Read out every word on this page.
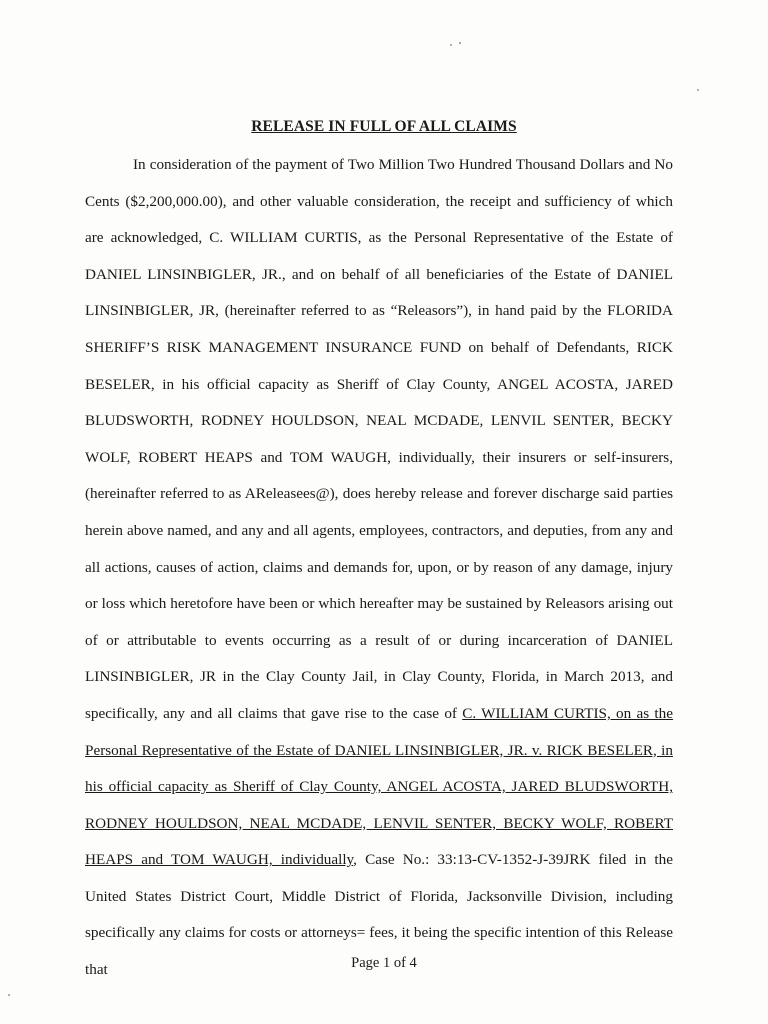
RELEASE IN FULL OF ALL CLAIMS

In consideration of the payment of Two Million Two Hundred Thousand Dollars and No Cents ($2,200,000.00), and other valuable consideration, the receipt and sufficiency of which are acknowledged, C. WILLIAM CURTIS, as the Personal Representative of the Estate of DANIEL LINSINBIGLER, JR., and on behalf of all beneficiaries of the Estate of DANIEL LINSINBIGLER, JR, (hereinafter referred to as “Releasors”), in hand paid by the FLORIDA SHERIFF’S RISK MANAGEMENT INSURANCE FUND on behalf of Defendants, RICK BESELER, in his official capacity as Sheriff of Clay County, ANGEL ACOSTA, JARED BLUDSWORTH, RODNEY HOULDSON, NEAL MCDADE, LENVIL SENTER, BECKY WOLF, ROBERT HEAPS and TOM WAUGH, individually, their insurers or self-insurers, (hereinafter referred to as AReleasees@), does hereby release and forever discharge said parties herein above named, and any and all agents, employees, contractors, and deputies, from any and all actions, causes of action, claims and demands for, upon, or by reason of any damage, injury or loss which heretofore have been or which hereafter may be sustained by Releasors arising out of or attributable to events occurring as a result of or during incarceration of DANIEL LINSINBIGLER, JR in the Clay County Jail, in Clay County, Florida, in March 2013, and specifically, any and all claims that gave rise to the case of C. WILLIAM CURTIS, on as the Personal Representative of the Estate of DANIEL LINSINBIGLER, JR. v. RICK BESELER, in his official capacity as Sheriff of Clay County, ANGEL ACOSTA, JARED BLUDSWORTH, RODNEY HOULDSON, NEAL MCDADE, LENVIL SENTER, BECKY WOLF, ROBERT HEAPS and TOM WAUGH, individually, Case No.: 33:13-CV-1352-J-39JRK filed in the United States District Court, Middle District of Florida, Jacksonville Division, including specifically any claims for costs or attorneys= fees, it being the specific intention of this Release that	Page 1 of 4
